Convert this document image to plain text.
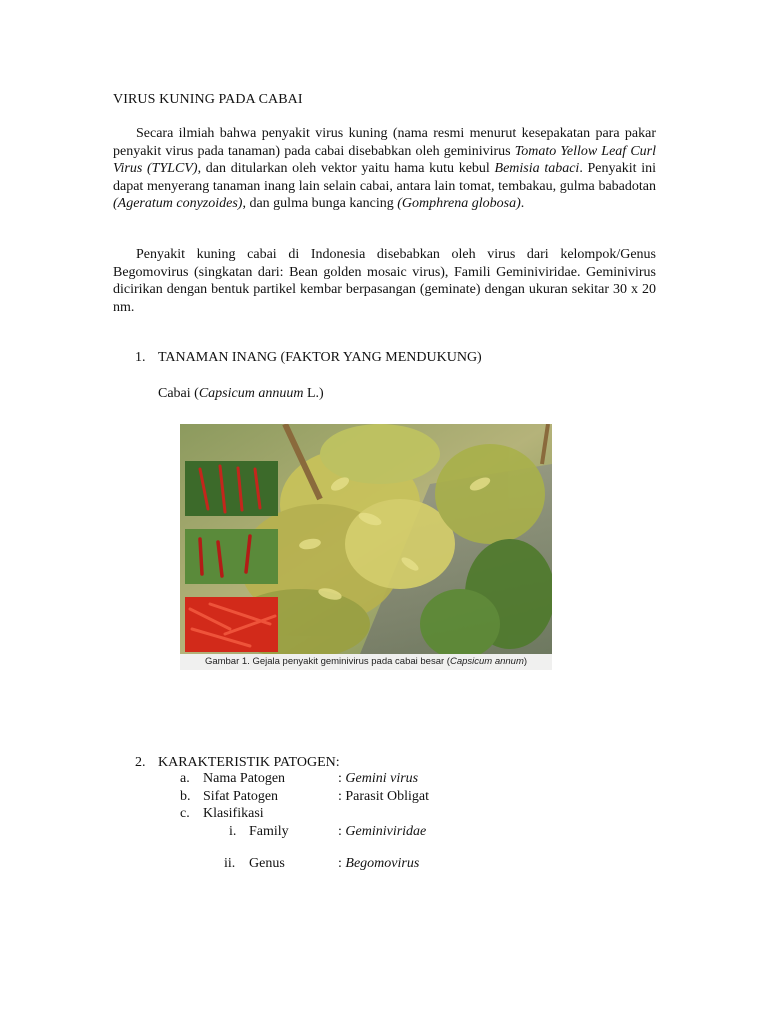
VIRUS KUNING PADA CABAI

Secara ilmiah bahwa penyakit virus kuning (nama resmi menurut kesepakatan para pakar penyakit virus pada tanaman) pada cabai disebabkan oleh geminivirus Tomato Yellow Leaf Curl Virus (TYLCV), dan ditularkan oleh vektor yaitu hama kutu kebul Bemisia tabaci. Penyakit ini dapat menyerang tanaman inang lain selain cabai, antara lain tomat, tembakau, gulma babadotan (Ageratum conyzoides), dan gulma bunga kancing (Gomphrena globosa).

Penyakit kuning cabai di Indonesia disebabkan oleh virus dari kelompok/Genus Begomovirus (singkatan dari: Bean golden mosaic virus), Famili Geminiviridae. Geminivirus dicirikan dengan bentuk partikel kembar berpasangan (geminate) dengan ukuran sekitar 30 x 20 nm.

1. TANAMAN INANG (FAKTOR YANG MENDUKUNG)
Cabai (Capsicum annuum L.)
Gambar 1. Gejala penyakit geminivirus pada cabai besar (Capsicum annum)
2. KARAKTERISTIK PATOGEN:
a. Nama Patogen	: Gemini virus
b. Sifat Patogen	: Parasit Obligat
c. Klasifikasi
i. Family	: Geminiviridae
ii. Genus	: Begomovirus
